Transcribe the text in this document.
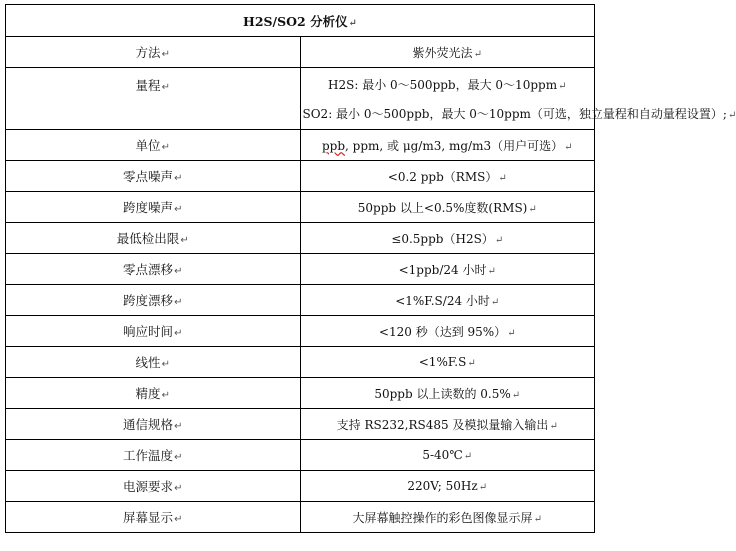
H2S/SO2 分析仪↵	
方法↵	紫外荧光法↵
量程↵	H2S: 最小 0～500ppb，最大 0～10ppm↵
SO2: 最小 0～500ppb，最大 0～10ppm（可选，独立量程和自动量程设置）;↵

单位↵	ppb, ppm, 或 μg/m3, mg/m3（用户可选）↵
零点噪声↵	<0.2 ppb（RMS）↵
跨度噪声↵	50ppb 以上<0.5%度数(RMS)↵
最低检出限↵	≤0.5ppb（H2S）↵
零点漂移↵	<1ppb/24 小时↵
跨度漂移↵	<1%F.S/24 小时↵
响应时间↵	<120 秒（达到 95%）↵
线性↵	<1%F.S↵
精度↵	50ppb 以上读数的 0.5%↵
通信规格↵	支持 RS232,RS485 及模拟量输入输出↵
工作温度↵	5-40℃↵
电源要求↵	220V; 50Hz↵
屏幕显示↵	大屏幕触控操作的彩色图像显示屏↵
